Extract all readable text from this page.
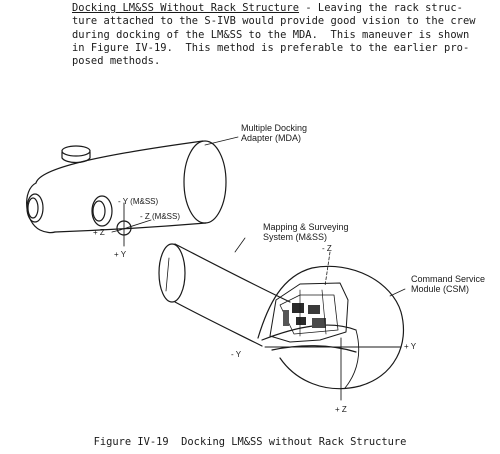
Docking LM&SS Without Rack Structure - Leaving the rack struc-
ture attached to the S-IVB would provide good vision to the crew
during docking of the LM&SS to the MDA.  This maneuver is shown
in Figure IV-19.  This method is preferable to the earlier pro-
posed methods.

Multiple Docking
Adapter (MDA)
- Y (M&SS)
- Z (M&SS)
+ Z
+ Y
Mapping & Surveying
System (M&SS)
- Z
Command Service
Module (CSM)
- Y
+ Y
+ Z
Figure IV-19  Docking LM&SS without Rack Structure
